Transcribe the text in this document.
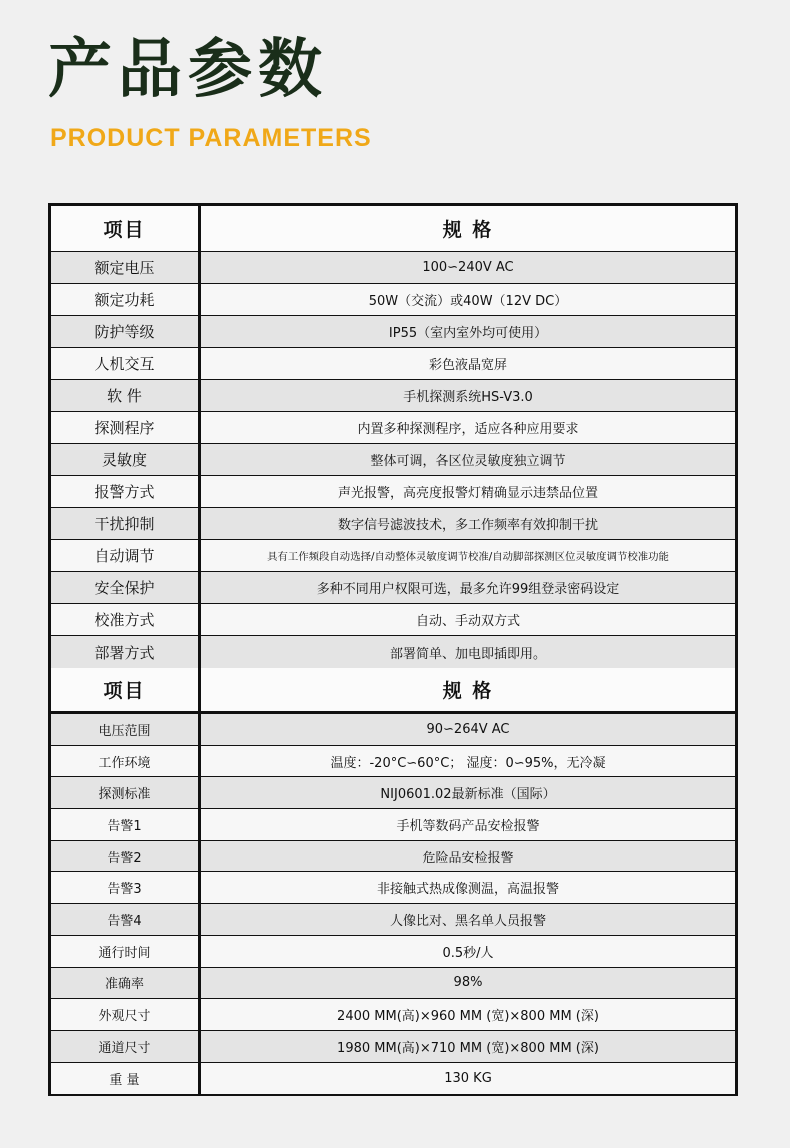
产品参数
PRODUCT PARAMETERS
项目	规 格
额定电压	100∽240V AC
额定功耗	50W（交流）或40W（12V DC）
防护等级	IP55（室内室外均可使用）
人机交互	彩色液晶宽屏
软 件	手机探测系统HS-V3.0
探测程序	内置多种探测程序，适应各种应用要求
灵敏度	整体可调，各区位灵敏度独立调节
报警方式	声光报警，高亮度报警灯精确显示违禁品位置
干扰抑制	数字信号滤波技术，多工作频率有效抑制干扰
自动调节	具有工作频段自动选择/自动整体灵敏度调节校准/自动脚部探测区位灵敏度调节校准功能
安全保护	多种不同用户权限可选，最多允许99组登录密码设定
校准方式	自动、手动双方式
部署方式	部署简单、加电即插即用。
项目	规 格
电压范围	90∽264V AC
工作环境	温度：-20°C∽60°C； 湿度：0∽95%，无冷凝
探测标准	NIJ0601.02最新标准（国际）
告警1	手机等数码产品安检报警
告警2	危险品安检报警
告警3	非接触式热成像测温，高温报警
告警4	人像比对、黑名单人员报警
通行时间	0.5秒/人
准确率	98%
外观尺寸	2400 MM(高)×960 MM (宽)×800 MM (深)
通道尺寸	1980 MM(高)×710 MM (宽)×800 MM (深)
重 量	130 KG
